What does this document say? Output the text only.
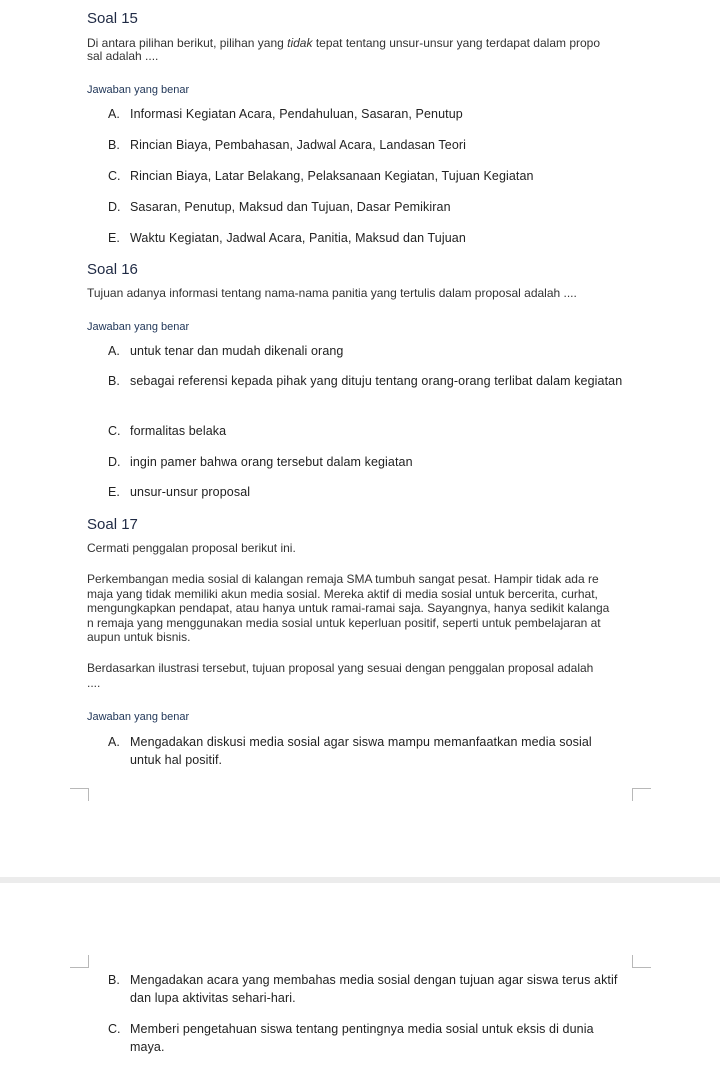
Soal 15
Di antara pilihan berikut, pilihan yang tidak tepat tentang unsur-unsur yang terdapat dalam propo
sal adalah ....
Jawaban yang benar
A. Informasi Kegiatan Acara, Pendahuluan, Sasaran, Penutup
B. Rincian Biaya, Pembahasan, Jadwal Acara, Landasan Teori
C. Rincian Biaya, Latar Belakang, Pelaksanaan Kegiatan, Tujuan Kegiatan
D. Sasaran, Penutup, Maksud dan Tujuan, Dasar Pemikiran
E. Waktu Kegiatan, Jadwal Acara, Panitia, Maksud dan Tujuan
Soal 16
Tujuan adanya informasi tentang nama-nama panitia yang tertulis dalam proposal adalah ....
Jawaban yang benar
A. untuk tenar dan mudah dikenali orang
B. sebagai referensi kepada pihak yang dituju tentang orang-orang terlibat dalam kegiatan
C. formalitas belaka
D. ingin pamer bahwa orang tersebut dalam kegiatan
E. unsur-unsur proposal
Soal 17
Cermati penggalan proposal berikut ini.
Perkembangan media sosial di kalangan remaja SMA tumbuh sangat pesat. Hampir tidak ada re
maja yang tidak memiliki akun media sosial. Mereka aktif di media sosial untuk bercerita, curhat,
mengungkapkan pendapat, atau hanya untuk ramai-ramai saja. Sayangnya, hanya sedikit kalanga
n remaja yang menggunakan media sosial untuk keperluan positif, seperti untuk pembelajaran at
aupun untuk bisnis.
Berdasarkan ilustrasi tersebut, tujuan proposal yang sesuai dengan penggalan proposal adalah
....
Jawaban yang benar
A. Mengadakan diskusi media sosial agar siswa mampu memanfaatkan media sosial untuk hal positif.
B. Mengadakan acara yang membahas media sosial dengan tujuan agar siswa terus aktif dan lupa aktivitas sehari-hari.
C. Memberi pengetahuan siswa tentang pentingnya media sosial untuk eksis di dunia maya.
